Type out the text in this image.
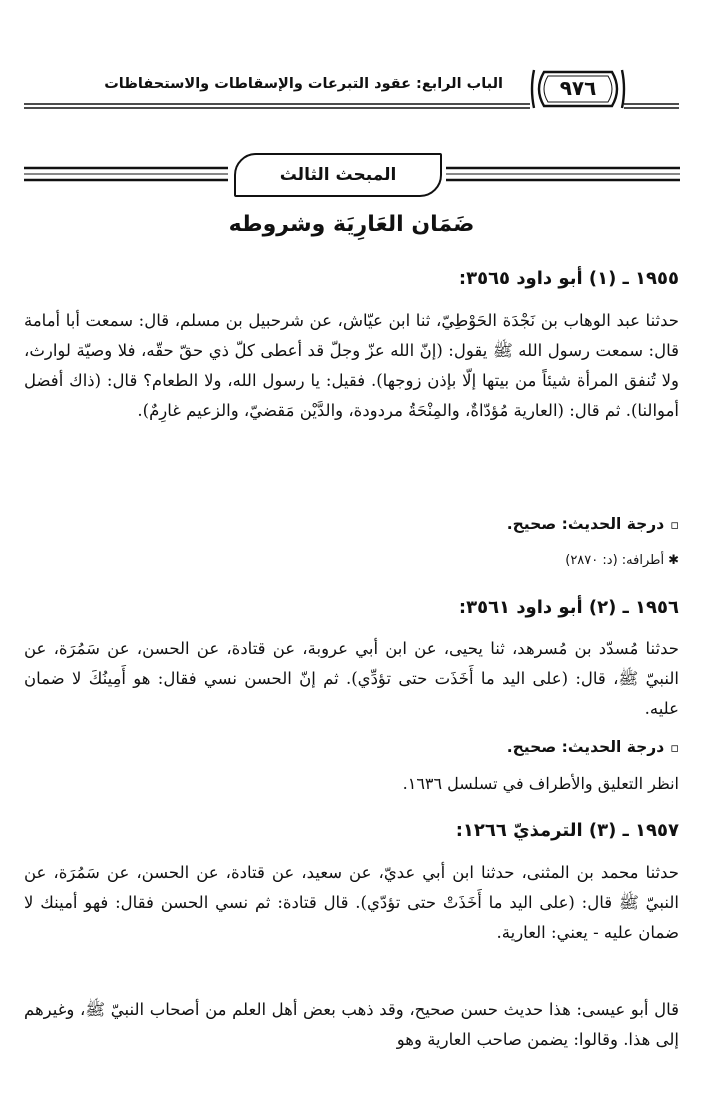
الباب الرابع: عقود التبرعات والإسقاطات والاستحفاظات	٩٧٦
المبحث الثالث
ضَمَان العَارِيَة وشروطه
١٩٥٥ ـ (١) أبو داود ٣٥٦٥:
حدثنا عبد الوهاب بن نَجْدَة الحَوْطِيّ، ثنا ابن عيّاش، عن شرحبيل بن مسلم، قال: سمعت أبا أمامة قال: سمعت رسول الله ﷺ يقول: (إنّ الله عزّ وجلّ قد أعطى كلّ ذي حقّ حقّه، فلا وصيّة لوارث، ولا تُنفق المرأة شيئاً من بيتها إلّا بإذن زوجها). فقيل: يا رسول الله، ولا الطعام؟ قال: (ذاك أفضل أموالنا). ثم قال: (العارية مُؤدّاةٌ، والمِنْحَةُ مردودة، والدَّيْن مَقضيّ، والزعيم غارِمٌ).
▫درجة الحديث: صحيح.
✱أطرافه: (د: ٢٨٧٠)
١٩٥٦ ـ (٢) أبو داود ٣٥٦١:
حدثنا مُسدّد بن مُسرهد، ثنا يحيى، عن ابن أبي عروبة، عن قتادة، عن الحسن، عن سَمُرَة، عن النبيّ ﷺ، قال: (على اليد ما أَخَذَت حتى تؤدِّي). ثم إنّ الحسن نسي فقال: هو أَمِينُكَ لا ضمان عليه.
▫درجة الحديث: صحيح.
انظر التعليق والأطراف في تسلسل ١٦٣٦.
١٩٥٧ ـ (٣) الترمذيّ ١٢٦٦:
حدثنا محمد بن المثنى، حدثنا ابن أبي عديّ، عن سعيد، عن قتادة، عن الحسن، عن سَمُرَة، عن النبيّ ﷺ قال: (على اليد ما أَخَذَتْ حتى تؤدّي). قال قتادة: ثم نسي الحسن فقال: فهو أمينك لا ضمان عليه - يعني: العارية.
قال أبو عيسى: هذا حديث حسن صحيح، وقد ذهب بعض أهل العلم من أصحاب النبيّ ﷺ، وغيرهم إلى هذا. وقالوا: يضمن صاحب العارية وهو
